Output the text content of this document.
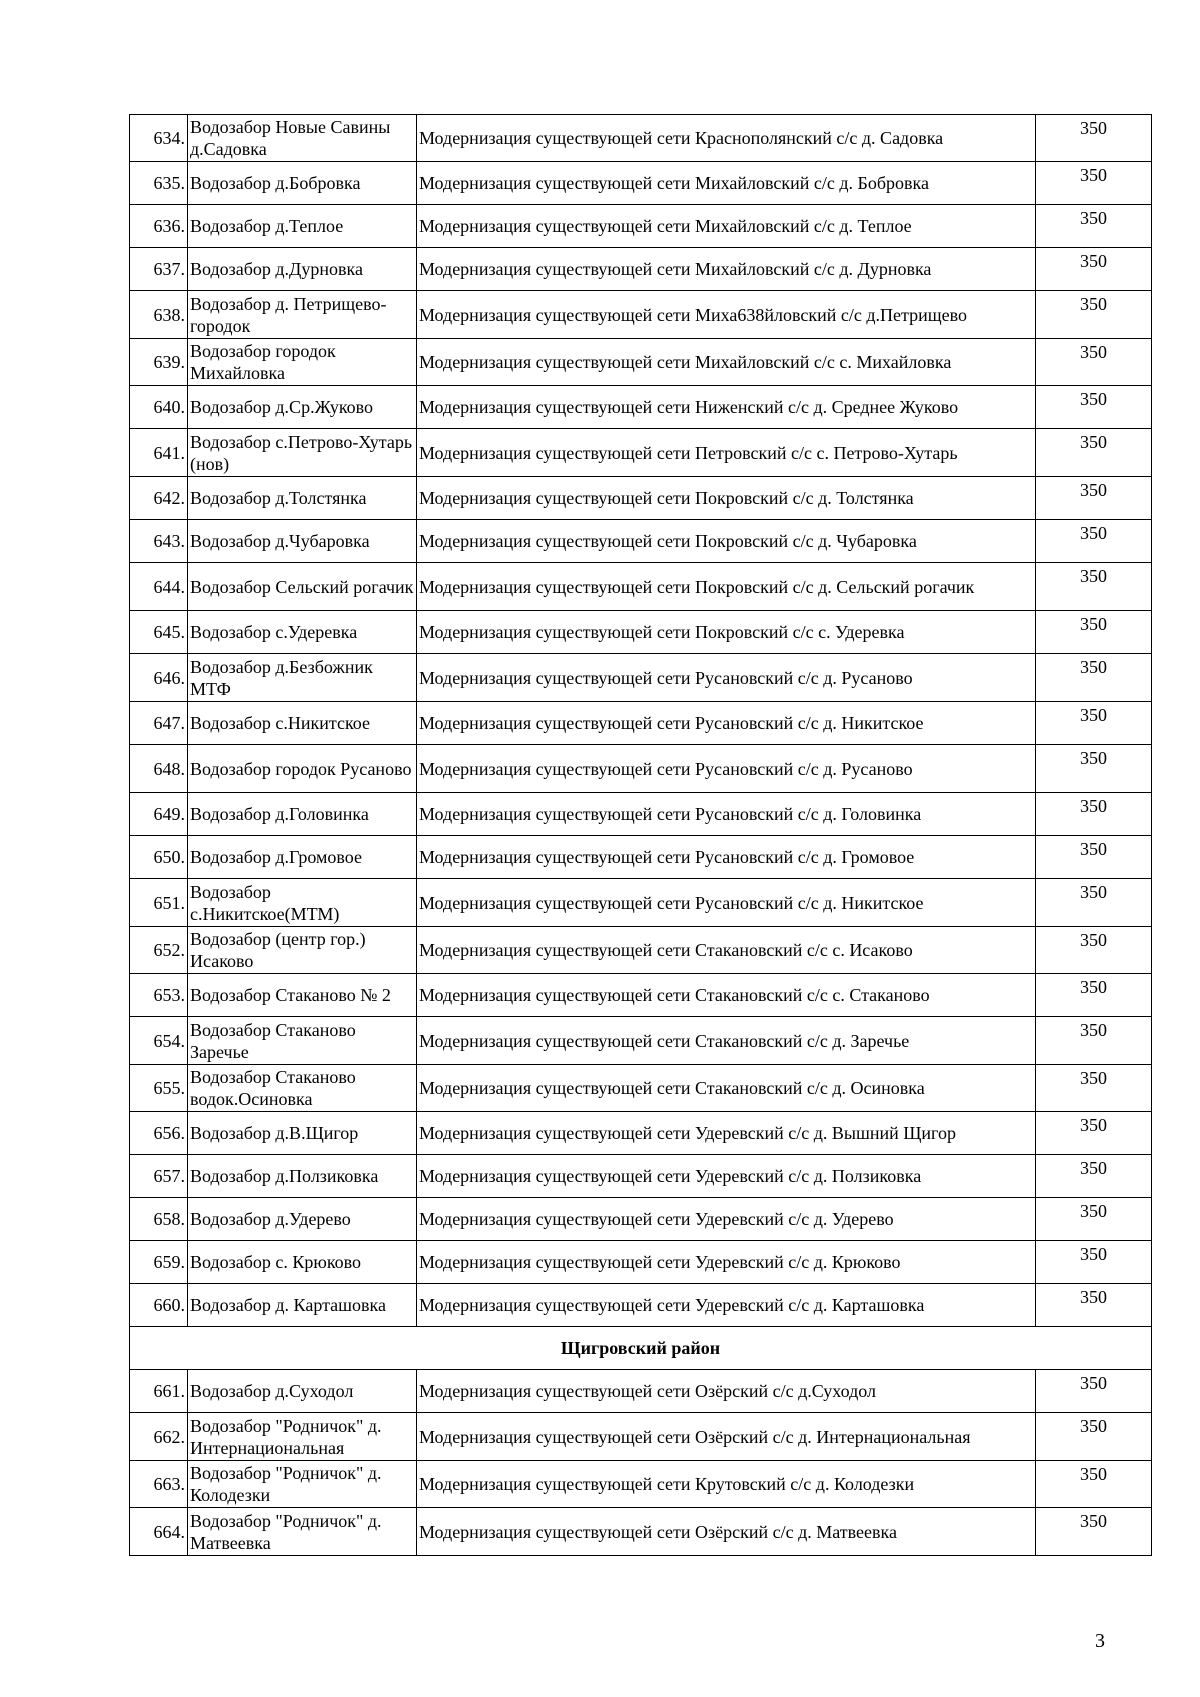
634.	Водозабор Новые Савины д.Садовка	Модернизация существующей сети Краснополянский с/с д. Садовка	350
635.	Водозабор д.Бобровка	Модернизация существующей сети Михайловский с/с д. Бобровка	350
636.	Водозабор д.Теплое	Модернизация существующей сети Михайловский с/с д. Теплое	350
637.	Водозабор д.Дурновка	Модернизация существующей сети Михайловский с/с д. Дурновка	350
638.	Водозабор д. Петрищево-городок	Модернизация существующей сети Миха638йловский с/с д.Петрищево	350
639.	Водозабор городок Михайловка	Модернизация существующей сети Михайловский с/с с. Михайловка	350
640.	Водозабор д.Ср.Жуково	Модернизация существующей сети Ниженский с/с д. Среднее Жуково	350
641.	Водозабор с.Петрово-Хутарь (нов)	Модернизация существующей сети Петровский с/с с. Петрово-Хутарь	350
642.	Водозабор д.Толстянка	Модернизация существующей сети Покровский с/с д. Толстянка	350
643.	Водозабор д.Чубаровка	Модернизация существующей сети Покровский с/с д. Чубаровка	350
644.	Водозабор Сельский рогачик	Модернизация существующей сети Покровский с/с д. Сельский рогачик	350
645.	Водозабор с.Удеревка	Модернизация существующей сети Покровский с/с с. Удеревка	350
646.	Водозабор д.Безбожник МТФ	Модернизация существующей сети Русановский с/с д. Русаново	350
647.	Водозабор с.Никитское	Модернизация существующей сети Русановский с/с д. Никитское	350
648.	Водозабор городок Русаново	Модернизация существующей сети Русановский с/с д. Русаново	350
649.	Водозабор д.Головинка	Модернизация существующей сети Русановский с/с д. Головинка	350
650.	Водозабор д.Громовое	Модернизация существующей сети Русановский с/с д. Громовое	350
651.	Водозабор с.Никитское(МТМ)	Модернизация существующей сети Русановский с/с д. Никитское	350
652.	Водозабор (центр гор.) Исаково	Модернизация существующей сети Стакановский с/с с. Исаково	350
653.	Водозабор Стаканово № 2	Модернизация существующей сети Стакановский с/с с. Стаканово	350
654.	Водозабор Стаканово Заречье	Модернизация существующей сети Стакановский с/с д. Заречье	350
655.	Водозабор Стаканово водок.Осиновка	Модернизация существующей сети Стакановский с/с д. Осиновка	350
656.	Водозабор д.В.Щигор	Модернизация существующей сети Удеревский с/с д. Вышний Щигор	350
657.	Водозабор д.Ползиковка	Модернизация существующей сети Удеревский с/с д. Ползиковка	350
658.	Водозабор д.Удерево	Модернизация существующей сети Удеревский с/с д. Удерево	350
659.	Водозабор с. Крюково	Модернизация существующей сети Удеревский с/с д. Крюково	350
660.	Водозабор д. Карташовка	Модернизация существующей сети Удеревский с/с д. Карташовка	350
Щигровский район			
661.	Водозабор д.Суходол	Модернизация существующей сети Озёрский с/с д.Суходол	350
662.	Водозабор "Родничок" д. Интернациональная	Модернизация существующей сети Озёрский с/с д. Интернациональная	350
663.	Водозабор "Родничок" д. Колодезки	Модернизация существующей сети Крутовский с/с д. Колодезки	350
664.	Водозабор "Родничок" д. Матвеевка	Модернизация существующей сети Озёрский с/с д. Матвеевка	350
3
